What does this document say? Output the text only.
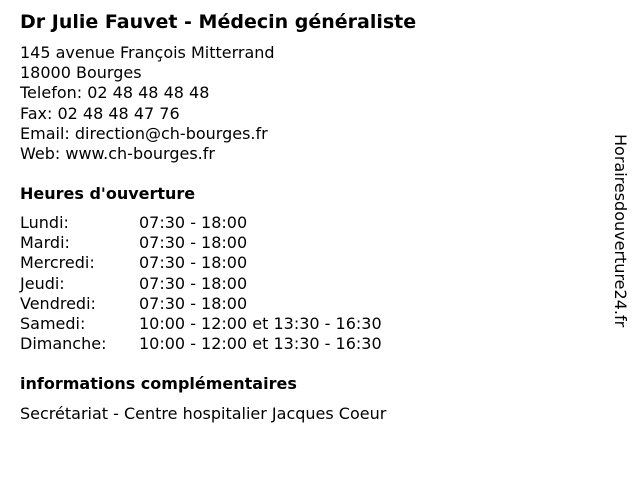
Dr Julie Fauvet - Médecin généraliste
145 avenue François Mitterrand
18000 Bourges
Telefon: 02 48 48 48 48
Fax: 02 48 48 47 76
Email: direction@ch-bourges.fr
Web: www.ch-bourges.fr
Heures d'ouverture
Lundi:	07:30 - 18:00
Mardi:	07:30 - 18:00
Mercredi:	07:30 - 18:00
Jeudi:	07:30 - 18:00
Vendredi:	07:30 - 18:00
Samedi:	10:00 - 12:00 et 13:30 - 16:30
Dimanche: 10:00 - 12:00 et 13:30 - 16:30
informations complémentaires
Secrétariat - Centre hospitalier Jacques Coeur
Horairesdouverture24.fr
